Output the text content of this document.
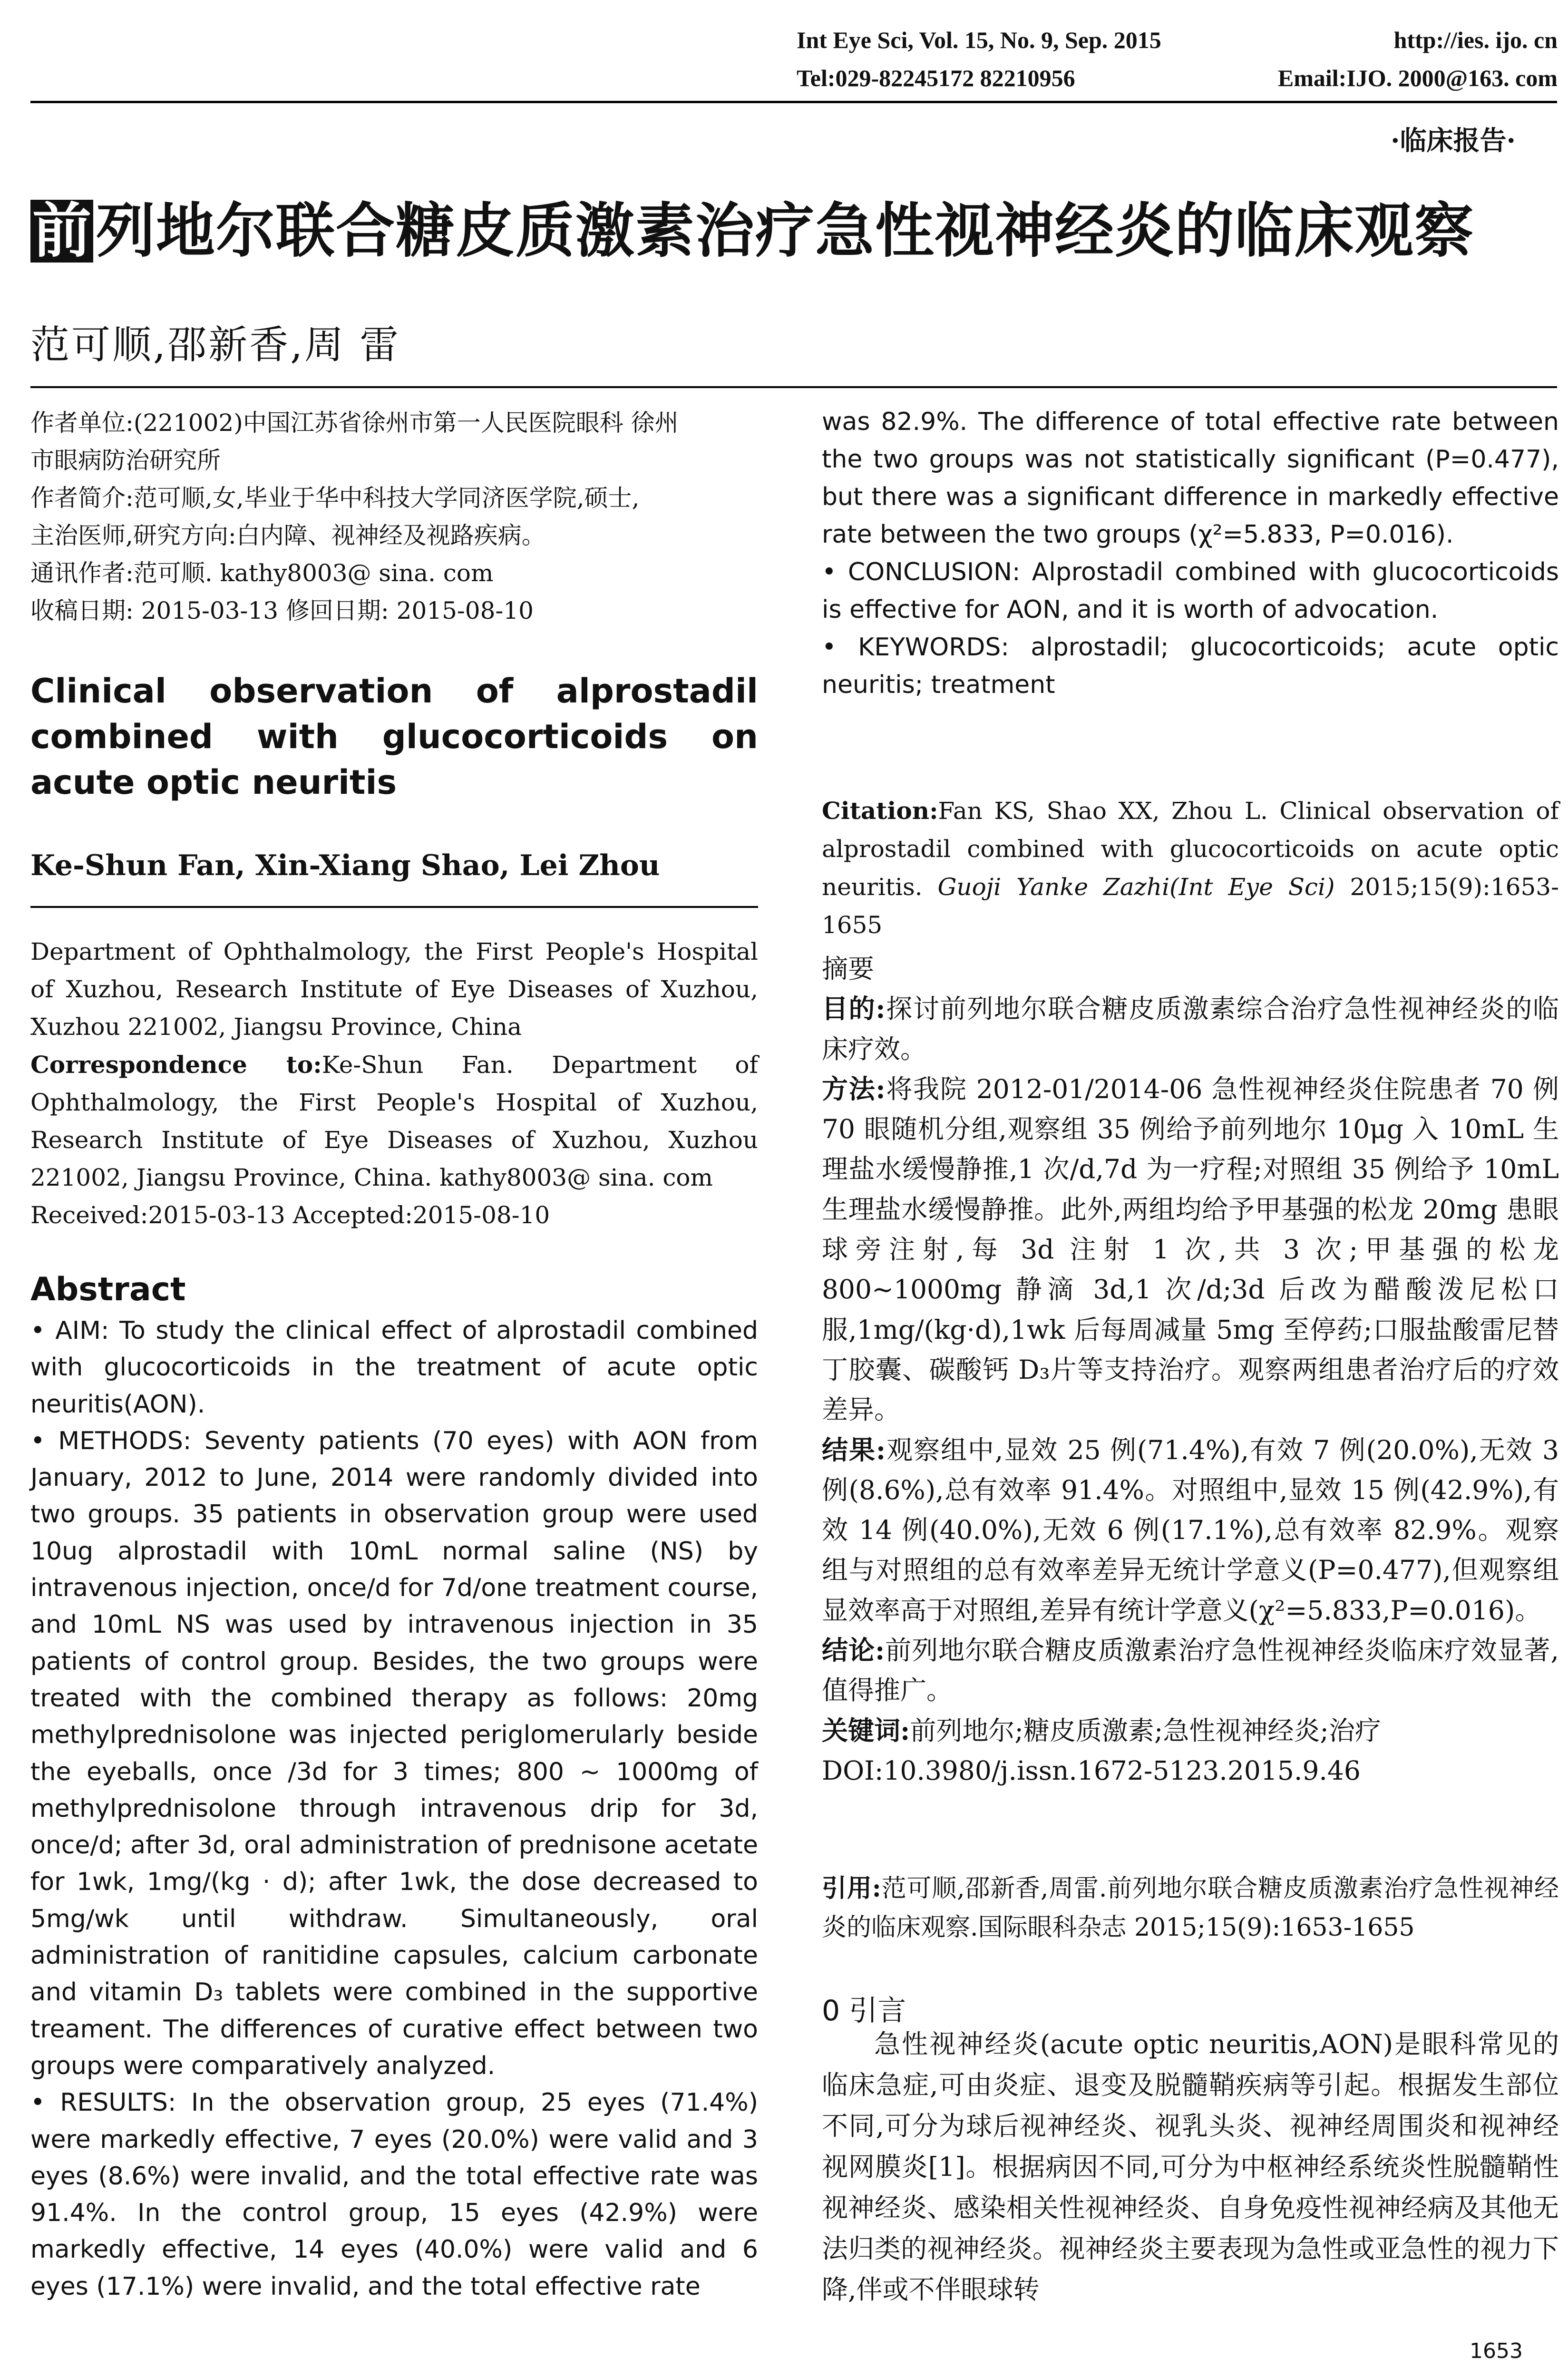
Int Eye Sci, Vol. 15, No. 9, Sep. 2015	http://ies. ijo. cn
Tel:029-82245172 82210956	Email:IJO. 2000@163. com
·临床报告·
前 列地尔联合糖皮质激素治疗急性视神经炎的临床观察
范可顺,邵新香,周 雷

作者单位:(221002)中国江苏省徐州市第一人民医院眼科 徐州

市眼病防治研究所

作者简介:范可顺,女,毕业于华中科技大学同济医学院,硕士,

主治医师,研究方向:白内障、视神经及视路疾病。

通讯作者:范可顺. kathy8003@ sina. com

收稿日期: 2015-03-13 修回日期: 2015-08-10

Clinical observation of alprostadil combined with glucocorticoids on acute optic neuritis
Ke-Shun Fan, Xin-Xiang Shao, Lei Zhou

Department of Ophthalmology, the First People's Hospital of Xuzhou, Research Institute of Eye Diseases of Xuzhou, Xuzhou 221002, Jiangsu Province, China

Correspondence to:Ke-Shun Fan. Department of Ophthalmology, the First People's Hospital of Xuzhou, Research Institute of Eye Diseases of Xuzhou, Xuzhou 221002, Jiangsu Province, China. kathy8003@ sina. com

Received:2015-03-13 Accepted:2015-08-10

Abstract

• AIM: To study the clinical effect of alprostadil combined with glucocorticoids in the treatment of acute optic neuritis(AON).

• METHODS: Seventy patients (70 eyes) with AON from January, 2012 to June, 2014 were randomly divided into two groups. 35 patients in observation group were used 10ug alprostadil with 10mL normal saline (NS) by intravenous injection, once/d for 7d/one treatment course, and 10mL NS was used by intravenous injection in 35 patients of control group. Besides, the two groups were treated with the combined therapy as follows: 20mg methylprednisolone was injected periglomerularly beside the eyeballs, once /3d for 3 times; 800 ~ 1000mg of methylprednisolone through intravenous drip for 3d, once/d; after 3d, oral administration of prednisone acetate for 1wk, 1mg/(kg · d); after 1wk, the dose decreased to 5mg/wk until withdraw. Simultaneously, oral administration of ranitidine capsules, calcium carbonate and vitamin D₃ tablets were combined in the supportive treament. The differences of curative effect between two groups were comparatively analyzed.

• RESULTS: In the observation group, 25 eyes (71.4%) were markedly effective, 7 eyes (20.0%) were valid and 3 eyes (8.6%) were invalid, and the total effective rate was 91.4%. In the control group, 15 eyes (42.9%) were markedly effective, 14 eyes (40.0%) were valid and 6 eyes (17.1%) were invalid, and the total effective rate

was 82.9%. The difference of total effective rate between the two groups was not statistically significant (P=0.477), but there was a significant difference in markedly effective rate between the two groups (χ²=5.833, P=0.016).

• CONCLUSION: Alprostadil combined with glucocorticoids is effective for AON, and it is worth of advocation.

• KEYWORDS: alprostadil; glucocorticoids; acute optic neuritis; treatment

Citation:Fan KS, Shao XX, Zhou L. Clinical observation of alprostadil combined with glucocorticoids on acute optic neuritis. Guoji Yanke Zazhi(Int Eye Sci) 2015;15(9):1653-1655

摘要

目的:探讨前列地尔联合糖皮质激素综合治疗急性视神经炎的临床疗效。

方法:将我院 2012-01/2014-06 急性视神经炎住院患者 70 例 70 眼随机分组,观察组 35 例给予前列地尔 10μg 入 10mL 生理盐水缓慢静推,1 次/d,7d 为一疗程;对照组 35 例给予 10mL 生理盐水缓慢静推。此外,两组均给予甲基强的松龙 20mg 患眼球旁注射,每 3d 注射 1 次,共 3 次;甲基强的松龙 800~1000mg 静滴 3d,1 次/d;3d 后改为醋酸泼尼松口服,1mg/(kg·d),1wk 后每周减量 5mg 至停药;口服盐酸雷尼替丁胶囊、碳酸钙 D₃片等支持治疗。观察两组患者治疗后的疗效差异。

结果:观察组中,显效 25 例(71.4%),有效 7 例(20.0%),无效 3 例(8.6%),总有效率 91.4%。对照组中,显效 15 例(42.9%),有效 14 例(40.0%),无效 6 例(17.1%),总有效率 82.9%。观察组与对照组的总有效率差异无统计学意义(P=0.477),但观察组显效率高于对照组,差异有统计学意义(χ²=5.833,P=0.016)。

结论:前列地尔联合糖皮质激素治疗急性视神经炎临床疗效显著,值得推广。

关键词:前列地尔;糖皮质激素;急性视神经炎;治疗

DOI:10.3980/j.issn.1672-5123.2015.9.46

引用:范可顺,邵新香,周雷.前列地尔联合糖皮质激素治疗急性视神经炎的临床观察.国际眼科杂志 2015;15(9):1653-1655

0 引言

急性视神经炎(acute optic neuritis,AON)是眼科常见的临床急症,可由炎症、退变及脱髓鞘疾病等引起。根据发生部位不同,可分为球后视神经炎、视乳头炎、视神经周围炎和视神经视网膜炎[1]。根据病因不同,可分为中枢神经系统炎性脱髓鞘性视神经炎、感染相关性视神经炎、自身免疫性视神经病及其他无法归类的视神经炎。视神经炎主要表现为急性或亚急性的视力下降,伴或不伴眼球转

1653
